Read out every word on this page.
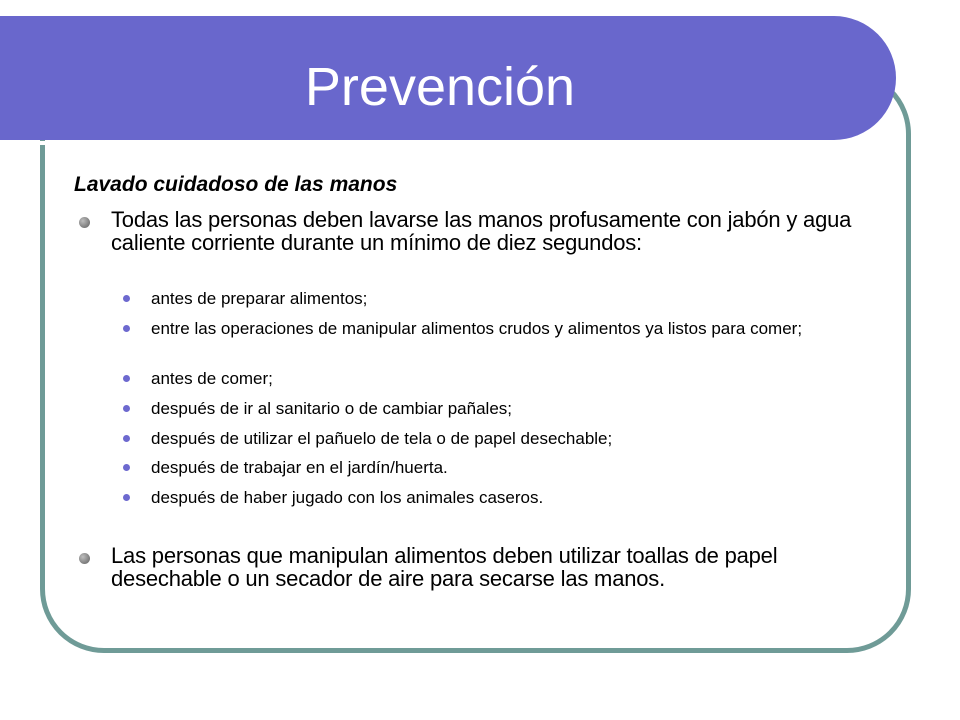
Prevención

Lavado cuidadoso de las manos

Todas las personas deben lavarse las manos profusamente con jabón y agua caliente corriente durante un mínimo de diez segundos:
antes de preparar alimentos;
entre las operaciones de manipular alimentos crudos y alimentos ya listos para comer;
antes de comer;
después de ir al sanitario o de cambiar pañales;
después de utilizar el pañuelo de tela o de papel desechable;
después de trabajar en el jardín/huerta.
después de haber jugado con los animales caseros.
Las personas que manipulan alimentos deben utilizar toallas de papel desechable o un secador de aire para secarse las manos.
